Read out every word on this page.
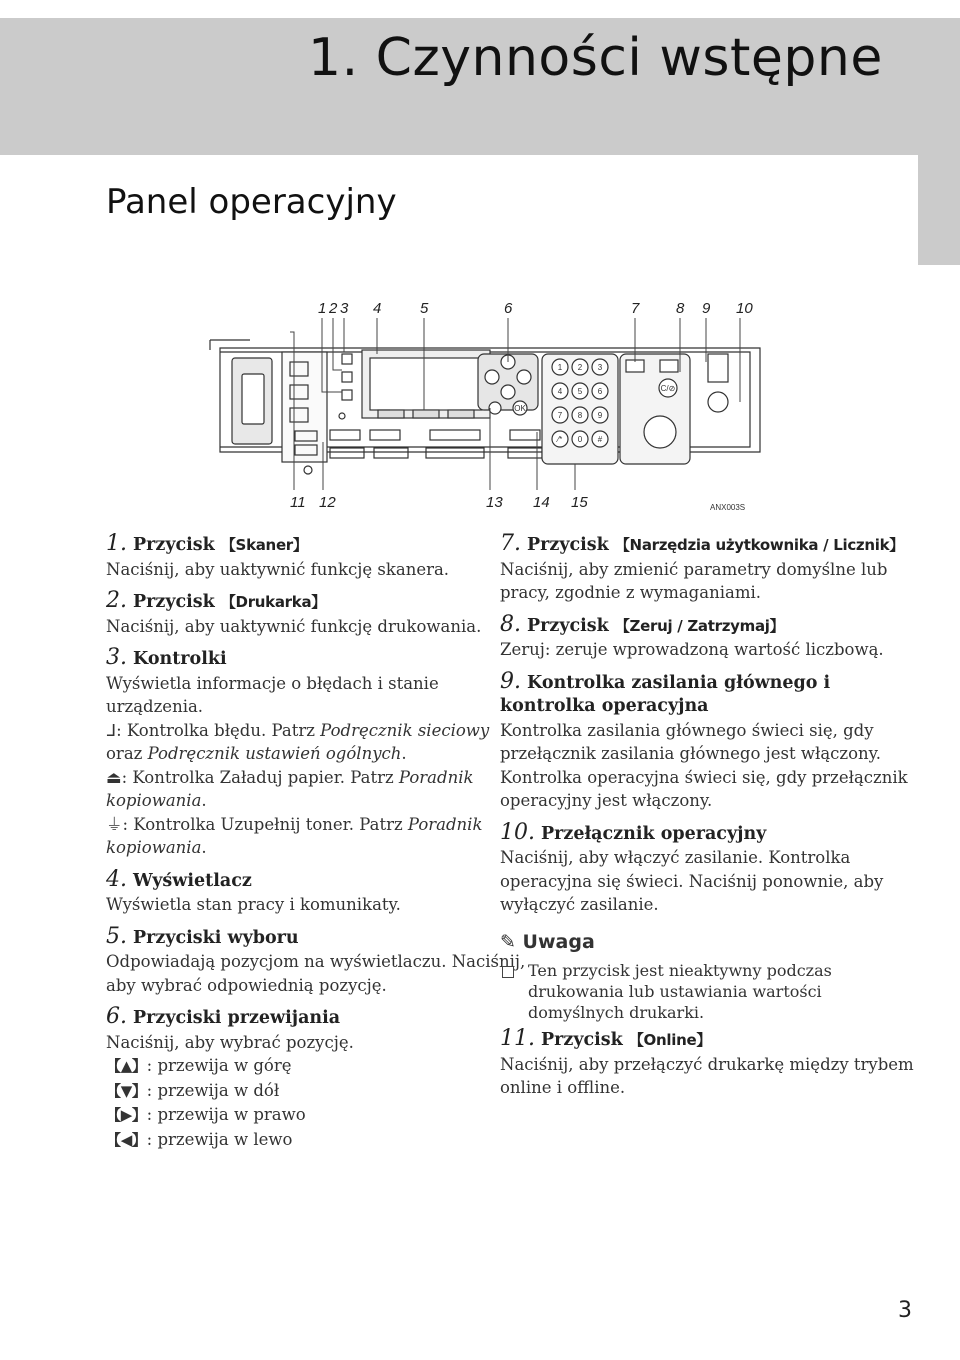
1. Czynności wstępne
Panel operacyjny
1 2 3 4	5	6	7 8 9 10
11 12	13 14 15	ANX003S
1 2 3
4 5 6
7 8 9
⁄* 0 #
OK
C/⊘
1. Przycisk 【Skaner】

Naciśnij, aby uaktywnić funkcję skanera.

2. Przycisk 【Drukarka】

Naciśnij, aby uaktywnić funkcję drukowania.

3. Kontrolki

Wyświetla informacje o błędach i stanie urządzenia.

ᒧ: Kontrolka błędu. Patrz Podręcznik sieciowy oraz Podręcznik ustawień ogólnych.

⏏: Kontrolka Załaduj papier. Patrz Poradnik kopiowania.

⏚: Kontrolka Uzupełnij toner. Patrz Poradnik kopiowania.

4. Wyświetlacz

Wyświetla stan pracy i komunikaty.

5. Przyciski wyboru

Odpowiadają pozycjom na wyświetlaczu. Naciśnij, aby wybrać odpowiednią pozycję.

6. Przyciski przewijania

Naciśnij, aby wybrać pozycję.

【▲】: przewija w górę

【▼】: przewija w dół

【▶】: przewija w prawo

【◀】: przewija w lewo

7. Przycisk 【Narzędzia użytkownika / Licznik】

Naciśnij, aby zmienić parametry domyślne lub pracy, zgodnie z wymaganiami.

8. Przycisk 【Zeruj / Zatrzymaj】

Zeruj: zeruje wprowadzoną wartość liczbową.

9. Kontrolka zasilania głównego i kontrolka operacyjna

Kontrolka zasilania głównego świeci się, gdy przełącznik zasilania głównego jest włączony. Kontrolka operacyjna świeci się, gdy przełącznik operacyjny jest włączony.

10. Przełącznik operacyjny

Naciśnij, aby włączyć zasilanie. Kontrolka operacyjna się świeci. Naciśnij ponownie, aby wyłączyć zasilanie.

✎ Uwaga
Ten przycisk jest nieaktywny podczas drukowania lub ustawiania wartości domyślnych drukarki.
11. Przycisk 【Online】

Naciśnij, aby przełączyć drukarkę między trybem online i offline.

3
